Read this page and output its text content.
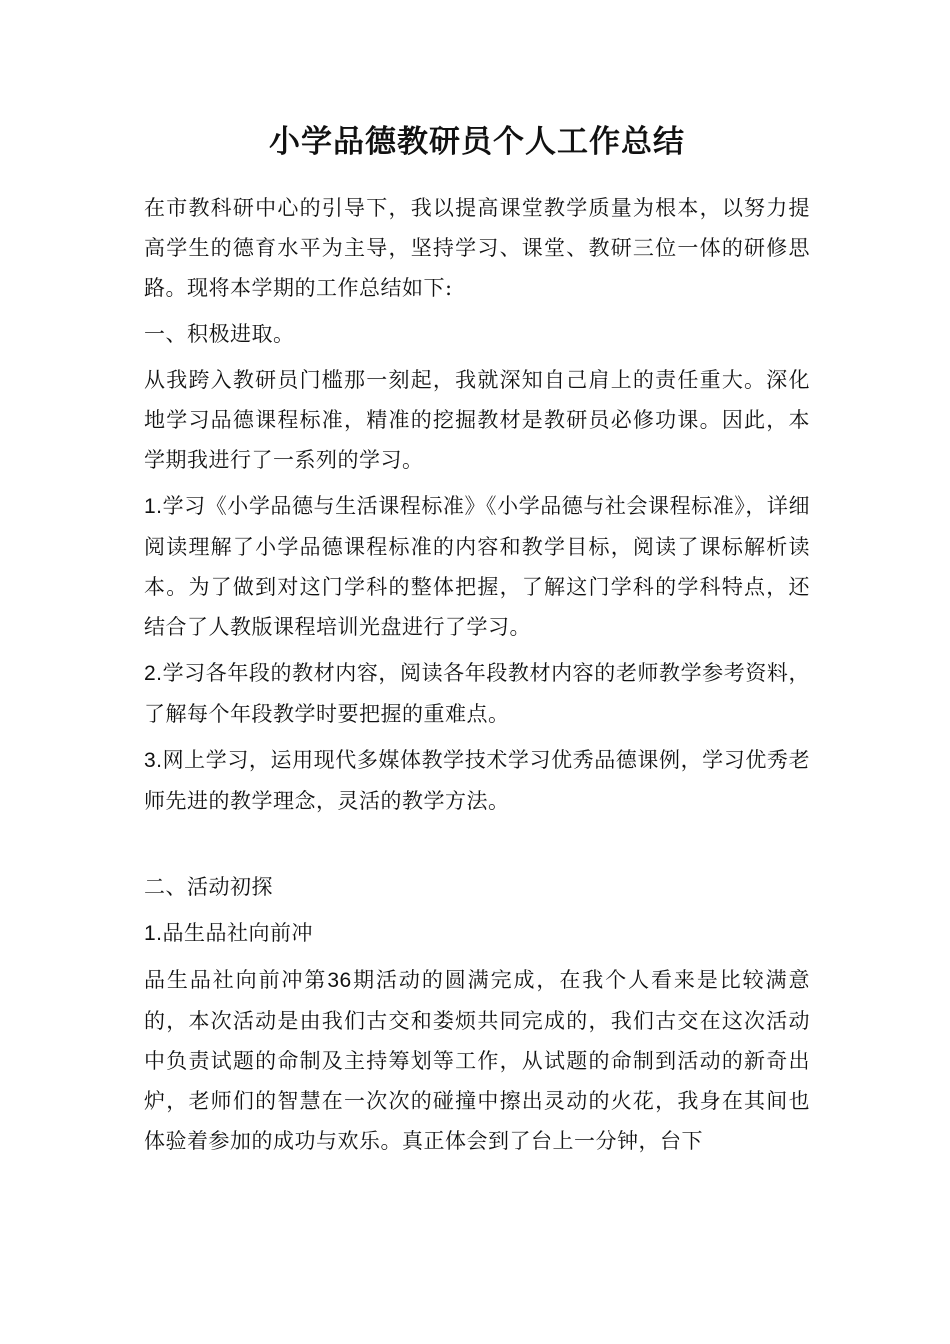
小学品德教研员个人工作总结

在市教科研中心的引导下，我以提高课堂教学质量为根本，以努力提高学生的德育水平为主导，坚持学习、课堂、教研三位一体的研修思路。现将本学期的工作总结如下:

一、积极进取。

从我跨入教研员门槛那一刻起，我就深知自己肩上的责任重大。深化地学习品德课程标准，精准的挖掘教材是教研员必修功课。因此，本学期我进行了一系列的学习。

1.学习《小学品德与生活课程标准》《小学品德与社会课程标准》，详细阅读理解了小学品德课程标准的内容和教学目标，阅读了课标解析读本。为了做到对这门学科的整体把握，了解这门学科的学科特点，还结合了人教版课程培训光盘进行了学习。

2.学习各年段的教材内容，阅读各年段教材内容的老师教学参考资料，了解每个年段教学时要把握的重难点。

3.网上学习，运用现代多媒体教学技术学习优秀品德课例，学习优秀老师先进的教学理念，灵活的教学方法。

二、活动初探

1.品生品社向前冲

品生品社向前冲第36期活动的圆满完成，在我个人看来是比较满意的，本次活动是由我们古交和娄烦共同完成的，我们古交在这次活动中负责试题的命制及主持筹划等工作，从试题的命制到活动的新奇出炉，老师们的智慧在一次次的碰撞中擦出灵动的火花，我身在其间也体验着参加的成功与欢乐。真正体会到了台上一分钟，台下
